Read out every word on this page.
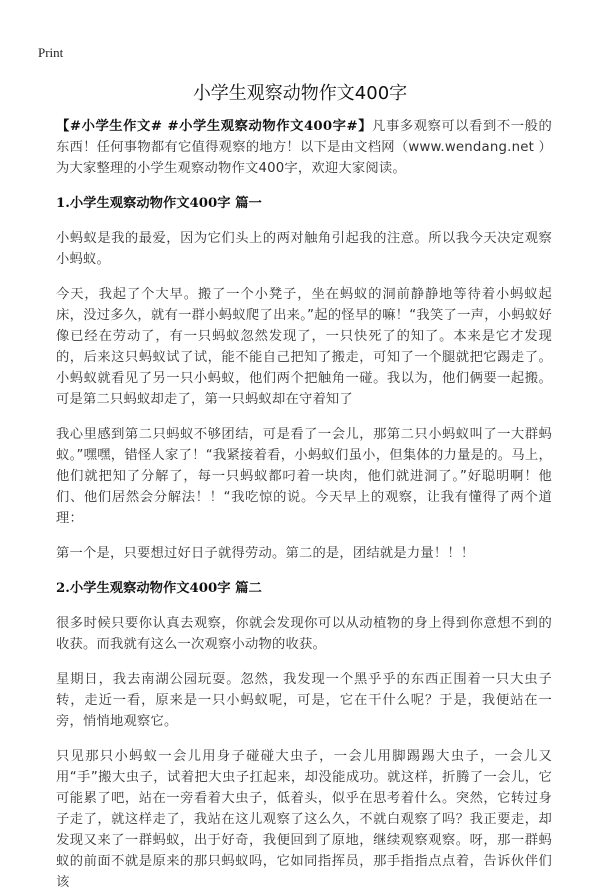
Print
小学生观察动物作文400字

【#小学生作文# #小学生观察动物作文400字#】凡事多观察可以看到不一般的东西！任何事物都有它值得观察的地方！以下是由文档网（www.wendang.net ）为大家整理的小学生观察动物作文400字，欢迎大家阅读。

1.小学生观察动物作文400字 篇一

小蚂蚁是我的最爱，因为它们头上的两对触角引起我的注意。所以我今天决定观察小蚂蚁。

今天，我起了个大早。搬了一个小凳子，坐在蚂蚁的洞前静静地等待着小蚂蚁起床，没过多久，就有一群小蚂蚁爬了出来。”起的怪早的嘛！“我笑了一声，小蚂蚁好像已经在劳动了，有一只蚂蚁忽然发现了，一只快死了的知了。本来是它才发现的，后来这只蚂蚁试了试，能不能自己把知了搬走，可知了一个腿就把它踢走了。小蚂蚁就看见了另一只小蚂蚁，他们两个把触角一碰。我以为，他们俩要一起搬。可是第二只蚂蚁却走了，第一只蚂蚁却在守着知了

我心里感到第二只蚂蚁不够团结，可是看了一会儿，那第二只小蚂蚁叫了一大群蚂蚁。”嘿嘿，错怪人家了！“我紧接着看，小蚂蚁们虽小，但集体的力量是的。马上，他们就把知了分解了，每一只蚂蚁都叼着一块肉，他们就进洞了。”好聪明啊！他们、他们居然会分解法！！“我吃惊的说。今天早上的观察，让我有懂得了两个道理：

第一个是，只要想过好日子就得劳动。第二的是，团结就是力量！！！

2.小学生观察动物作文400字 篇二

很多时候只要你认真去观察，你就会发现你可以从动植物的身上得到你意想不到的收获。而我就有这么一次观察小动物的收获。

星期日，我去南湖公园玩耍。忽然，我发现一个黑乎乎的东西正围着一只大虫子转，走近一看，原来是一只小蚂蚁呢，可是，它在干什么呢？于是，我便站在一旁，悄悄地观察它。

只见那只小蚂蚁一会儿用身子碰碰大虫子，一会儿用脚踢踢大虫子，一会儿又用“手”搬大虫子，试着把大虫子扛起来，却没能成功。就这样，折腾了一会儿，它可能累了吧，站在一旁看着大虫子，低着头，似乎在思考着什么。突然，它转过身子走了，就这样走了，我站在这儿观察了这么久，不就白观察了吗？我正要走，却发现又来了一群蚂蚁，出于好奇，我便回到了原地，继续观察观察。呀，那一群蚂蚁的前面不就是原来的那只蚂蚁吗，它如同指挥员，那手指指点点着，告诉伙伴们该
